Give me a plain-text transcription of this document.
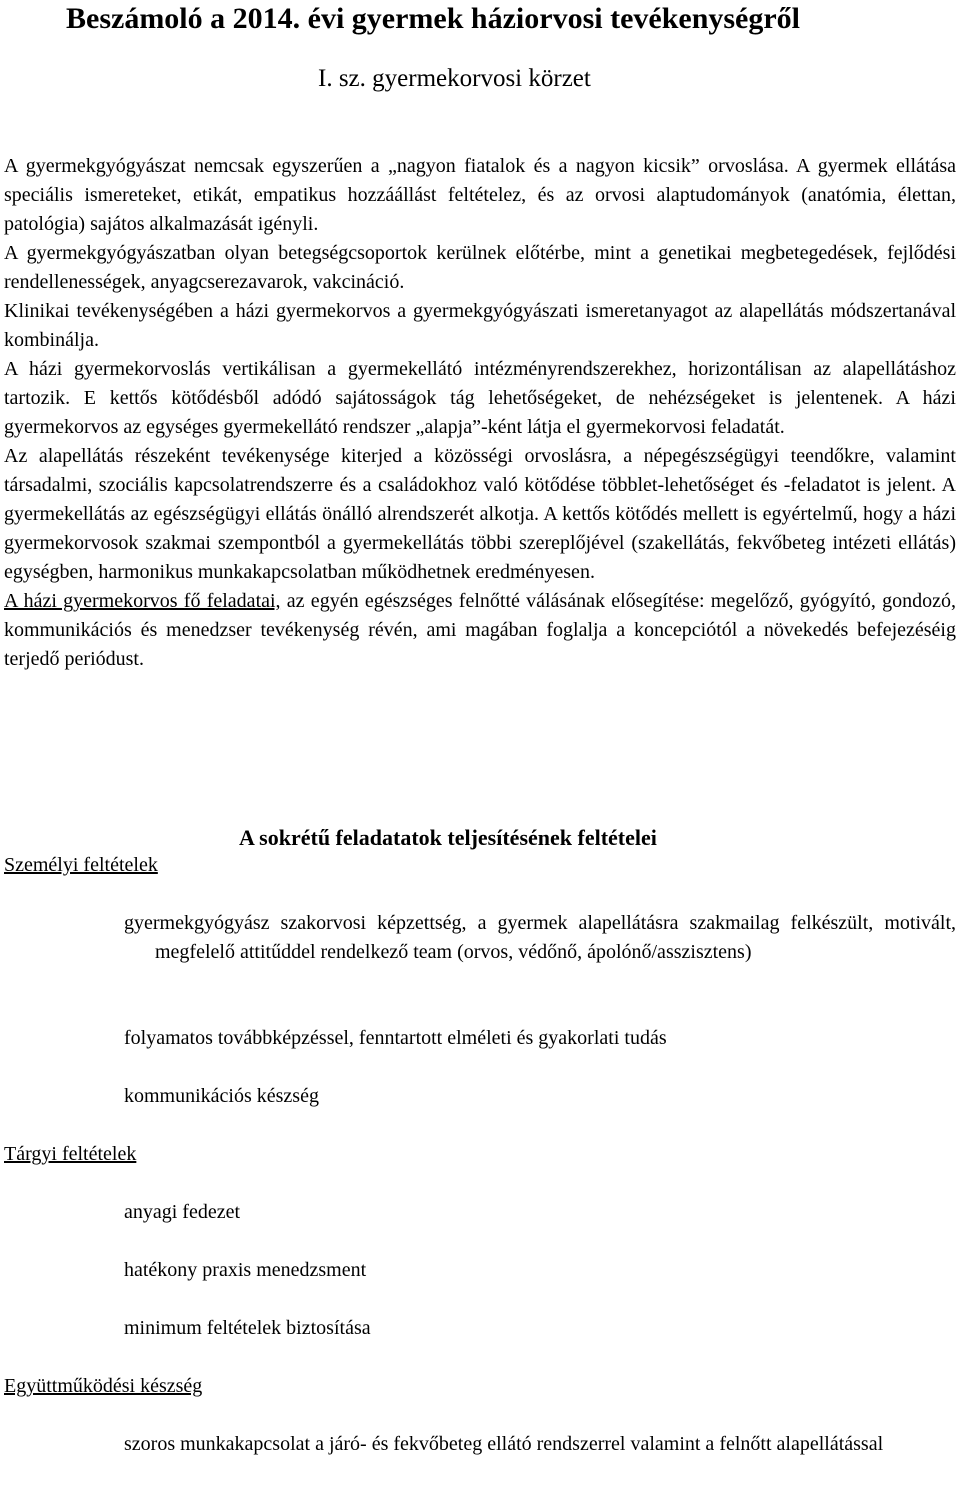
Beszámoló a 2014. évi gyermek háziorvosi tevékenységről
I. sz. gyermekorvosi körzet

A gyermekgyógyászat nemcsak egyszerűen a „nagyon fiatalok és a nagyon kicsik” orvoslása. A gyermek ellátása speciális ismereteket, etikát, empatikus hozzáállást feltételez, és az orvosi alaptudományok (anatómia, élettan, patológia) sajátos alkalmazását igényli.

A gyermekgyógyászatban olyan betegségcsoportok kerülnek előtérbe, mint a genetikai megbetegedések, fejlődési rendellenességek, anyagcserezavarok, vakcináció.

Klinikai tevékenységében a házi gyermekorvos a gyermekgyógyászati ismeretanyagot az alapellátás módszertanával kombinálja.

A házi gyermekorvoslás vertikálisan a gyermekellátó intézményrendszerekhez, horizontálisan az alapellátáshoz tartozik. E kettős kötődésből adódó sajátosságok tág lehetőségeket, de nehézségeket is jelentenek. A házi gyermekorvos az egységes gyermekellátó rendszer „alapja”-ként látja el gyermekorvosi feladatát.

Az alapellátás részeként tevékenysége kiterjed a közösségi orvoslásra, a népegészségügyi teendőkre, valamint társadalmi, szociális kapcsolatrendszerre és a családokhoz való kötődése többlet-lehetőséget és -feladatot is jelent. A gyermekellátás az egészségügyi ellátás önálló alrendszerét alkotja. A kettős kötődés mellett is egyértelmű, hogy a házi gyermekorvosok szakmai szempontból a gyermekellátás többi szereplőjével (szakellátás, fekvőbeteg intézeti ellátás) egységben, harmonikus munkakapcsolatban működhetnek eredményesen.

A házi gyermekorvos fő feladatai, az egyén egészséges felnőtté válásának elősegítése: megelőző, gyógyító, gondozó, kommunikációs és menedzser tevékenység révén, ami magában foglalja a koncepciótól a növekedés befejezéséig terjedő periódust.

A sokrétű feladatatok teljesítésének feltételei
Személyi feltételek
gyermekgyógyász szakorvosi képzettség, a gyermek alapellátásra szakmailag felkészült, motivált, megfelelő attitűddel rendelkező team (orvos, védőnő, ápolónő/asszisztens)
folyamatos továbbképzéssel, fenntartott elméleti és gyakorlati tudás
kommunikációs készség
Tárgyi feltételek
anyagi fedezet
hatékony praxis menedzsment
minimum feltételek biztosítása
Együttműködési készség
szoros munkakapcsolat a járó- és fekvőbeteg ellátó rendszerrel valamint a felnőtt alapellátással
